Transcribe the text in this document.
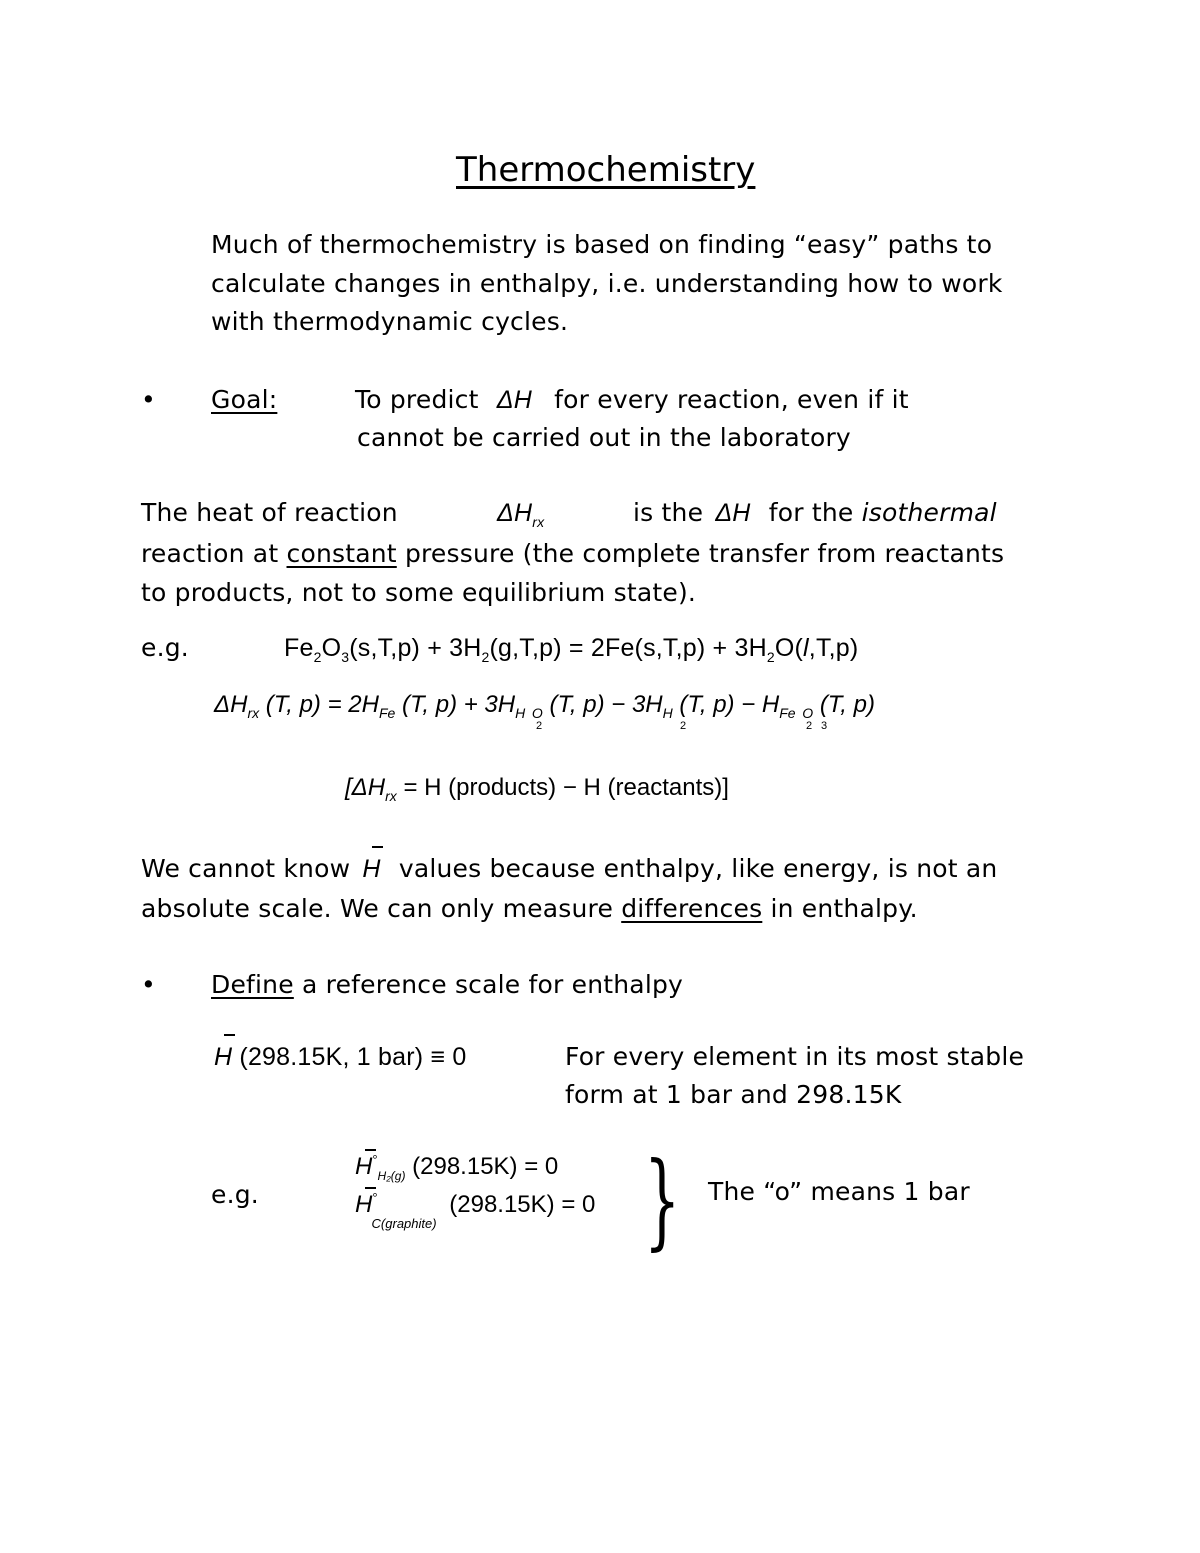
Thermochemistry
Much of thermochemistry is based on finding “easy” paths to
calculate changes in enthalpy, i.e. understanding how to work
with thermodynamic cycles.
• Goal:	To predict ΔH for every reaction, even if it
cannot be carried out in the laboratory
The heat of reaction	$\Delta H_{rx}$	is the ΔH for the isothermal
reaction at constant pressure (the complete transfer from reactants
to products, not to some equilibrium state).
e.g.	$Fe_2O_3(s,T,p) + 3H_2(g,T,p) = 2Fe(s,T,p) + 3H_2O(l,T,p)$
$\Delta H_{rx}$ (T, $p) = 2H_{Fe}$ (T, $p) + 3H_H$ $_O$ (T, $p) - 3H_H$ (T, $p) - H_{Fe}$ $_O$ (T, p)
2	2	2 3
[$\Delta H_{rx} = H$ (products) − H (reactants)]
We cannot know H values because enthalpy, like energy, is not an
absolute scale. We can only measure differences in enthalpy.
• Define a reference scale for enthalpy
H (298.15K, 1 bar) ≡ 0	For every element in its most stable
form at 1 bar and 298.15K
e.g.
$H^\circ_{H_2(g)}$ (298.15K) = 0
$H^\circ_{C(graphite)}$ (298.15K) = 0 } The “o” means 1 bar
